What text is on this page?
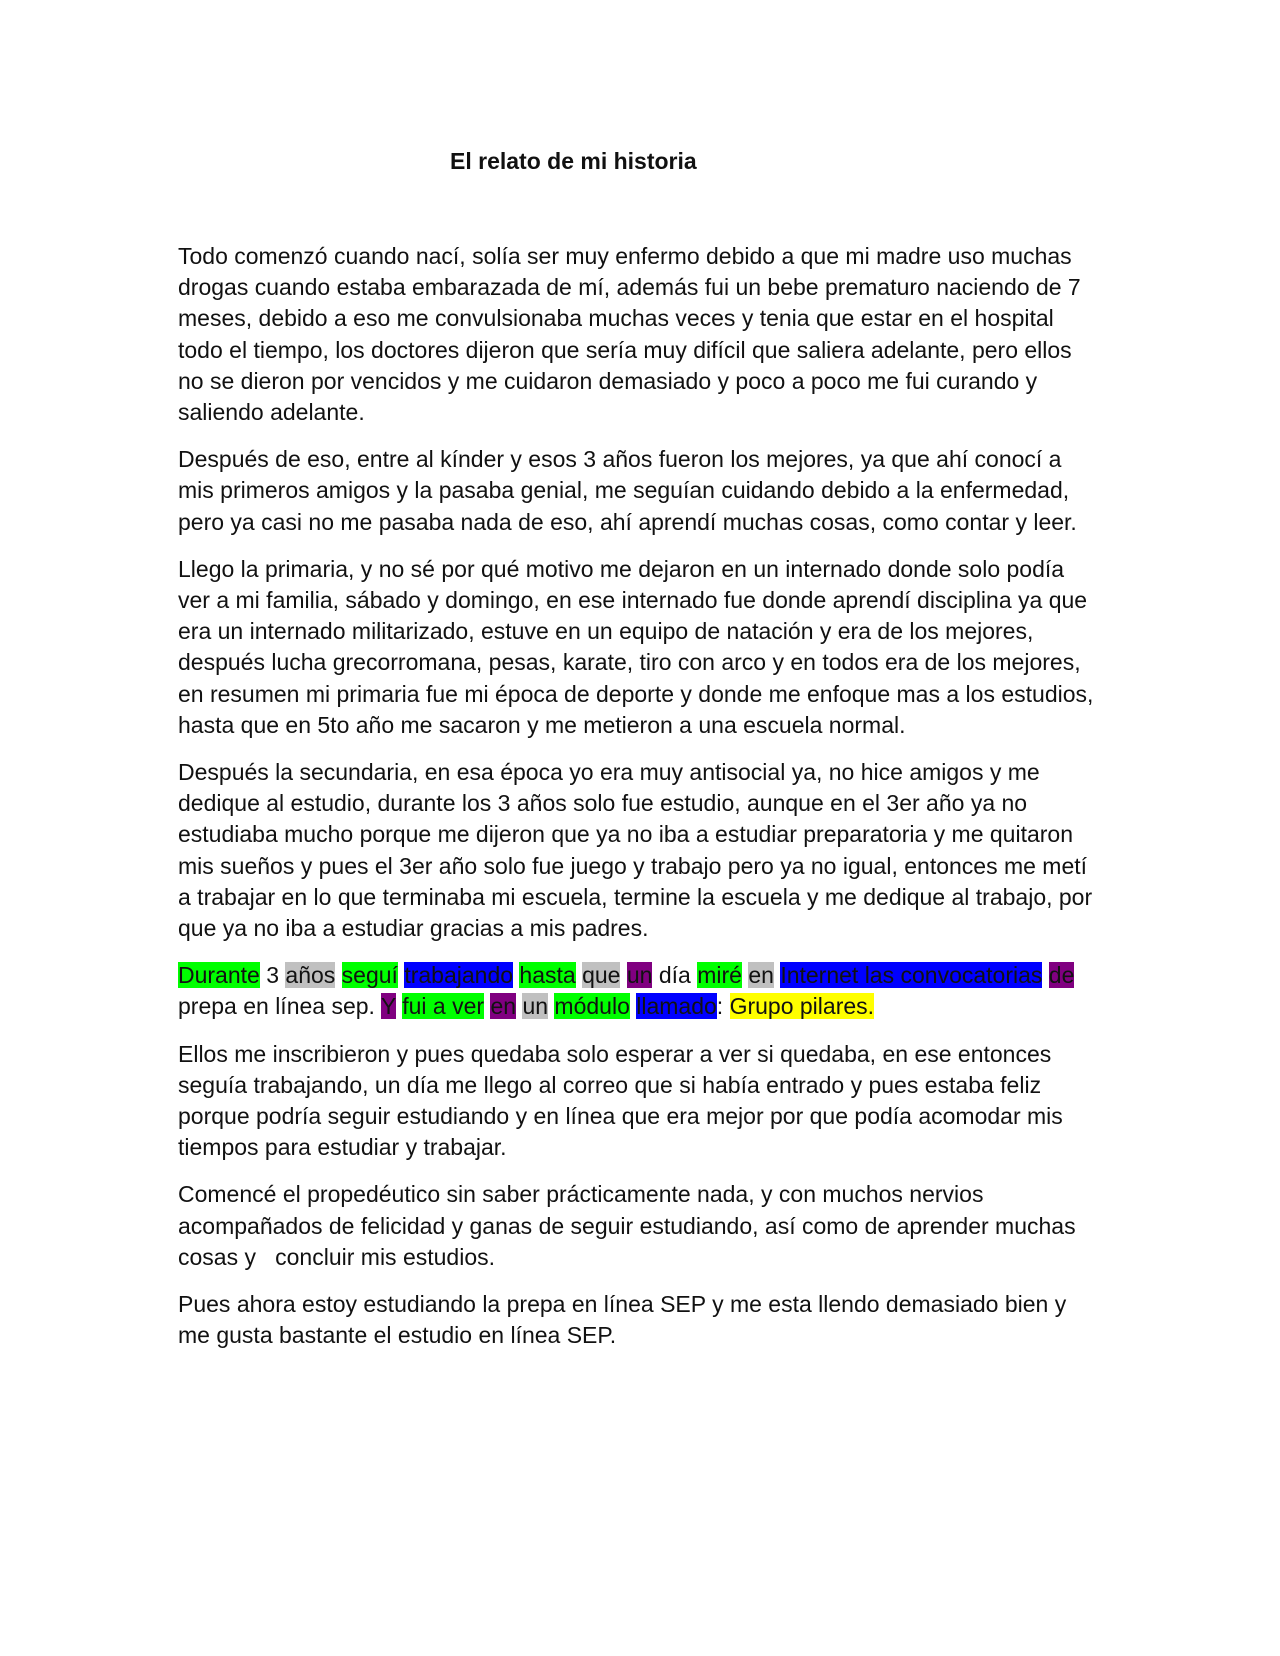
El relato de mi historia

Todo comenzó cuando nací, solía ser muy enfermo debido a que mi madre uso muchas drogas cuando estaba embarazada de mí, además fui un bebe prematuro naciendo de 7 meses, debido a eso me convulsionaba muchas veces y tenia que estar en el hospital todo el tiempo, los doctores dijeron que sería muy difícil que saliera adelante, pero ellos no se dieron por vencidos y me cuidaron demasiado y poco a poco me fui curando y saliendo adelante.

Después de eso, entre al kínder y esos 3 años fueron los mejores, ya que ahí conocí a mis primeros amigos y la pasaba genial, me seguían cuidando debido a la enfermedad, pero ya casi no me pasaba nada de eso, ahí aprendí muchas cosas, como contar y leer.

Llego la primaria, y no sé por qué motivo me dejaron en un internado donde solo podía ver a mi familia, sábado y domingo, en ese internado fue donde aprendí disciplina ya que era un internado militarizado, estuve en un equipo de natación y era de los mejores, después lucha grecorromana, pesas, karate, tiro con arco y en todos era de los mejores, en resumen mi primaria fue mi época de deporte y donde me enfoque mas a los estudios, hasta que en 5to año me sacaron y me metieron a una escuela normal.

Después la secundaria, en esa época yo era muy antisocial ya, no hice amigos y me dedique al estudio, durante los 3 años solo fue estudio, aunque en el 3er año ya no estudiaba mucho porque me dijeron que ya no iba a estudiar preparatoria y me quitaron mis sueños y pues el 3er año solo fue juego y trabajo pero ya no igual, entonces me metí a trabajar en lo que terminaba mi escuela, termine la escuela y me dedique al trabajo, por que ya no iba a estudiar gracias a mis padres.

Durante 3 años seguí trabajando hasta que un día miré en Internet las convocatorias de prepa en línea sep. Y fui a ver en un módulo llamado: Grupo pilares.

Ellos me inscribieron y pues quedaba solo esperar a ver si quedaba, en ese entonces seguía trabajando, un día me llego al correo que si había entrado y pues estaba feliz porque podría seguir estudiando y en línea que era mejor por que podía acomodar mis tiempos para estudiar y trabajar.

Comencé el propedéutico sin saber prácticamente nada, y con muchos nervios acompañados de felicidad y ganas de seguir estudiando, así como de aprender muchas cosas y   concluir mis estudios.

Pues ahora estoy estudiando la prepa en línea SEP y me esta llendo demasiado bien y me gusta bastante el estudio en línea SEP.
